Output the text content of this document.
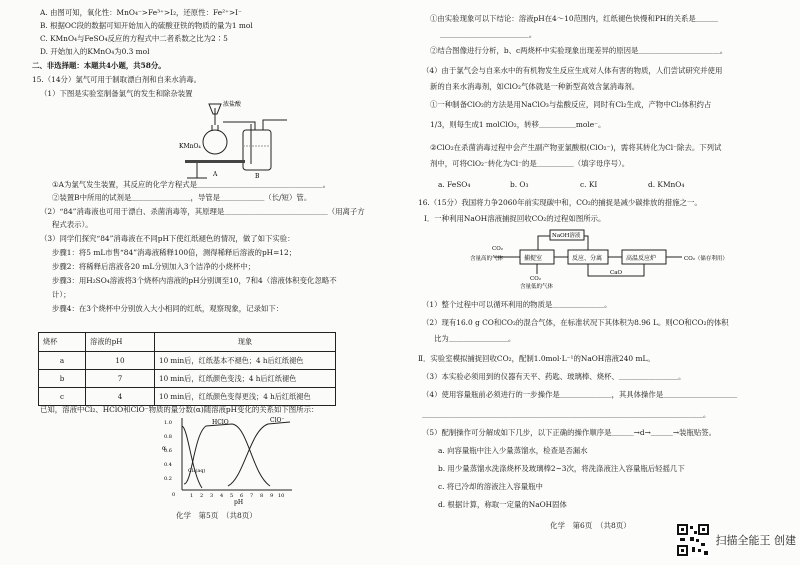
A. 由图可知，氧化性：MnO₄⁻>Fe³⁺>I₂，还原性：Fe²⁺>I⁻
B. 根据OC段的数据可知开始加入的硫酸亚铁的物质的量为1 mol
C. KMnO₄与FeSO₄反应的方程式中二者系数之比为2∶5
D. 开始加入的KMnO₄为0.3 mol
二、非选择题：本题共4小题，共58分。
15.（14分）氯气可用于制取漂白剂和自来水消毒。
（1）下图是实验室制备氯气的发生和除杂装置
浓盐酸
KMnO₄
A	B
①A为氯气发生装置，其反应的化学方程式是＿＿＿＿＿＿＿＿＿＿＿＿＿＿＿＿＿。
②装置B中所用的试剂是＿＿＿＿＿＿＿＿，导管是＿＿＿＿＿＿（长/短）管。
（2）“84”消毒液也可用于漂白、杀菌消毒等，其原理是＿＿＿＿＿＿＿＿＿＿＿＿＿＿（用离子方
程式表示）。
（3）同学们探究“84”消毒液在不同pH下使红纸褪色的情况，做了如下实验：
步骤1：将5 mL市售“84”消毒液稀释100倍，测得稀释后溶液的pH=12；
步骤2：将稀释后溶液各20 mL分别加入3个洁净的小烧杯中；
步骤3：用H₂SO₄溶液将3个烧杯内溶液的pH分别调至10，7和4（溶液体积变化忽略不
计）；
步骤4：在3个烧杯中分别放入大小相同的红纸，观察现象，记录如下：
烧杯	溶液的pH	现象
a	10	10 min后，红纸基本不褪色；4 h后红纸褪色
b	7	10 min后，红纸颜色变浅；4 h后红纸褪色
c	4	10 min后，红纸颜色变得更浅；4 h后红纸褪色
已知，溶液中Cl₂、HClO和ClO⁻物质的量分数(α)随溶液pH变化的关系如下图所示：
α
1.0
0.8
0.6
0.4
0.2
0	1 2 3 4 5 6 7 8 9 10
pH
HClO	ClO⁻
Cl₂(aq)
化学　第5页　（共8页）
①由实验现象可以下结论：溶液pH在4～10范围内，红纸褪色快慢和PH的关系是＿＿＿
＿＿＿＿＿＿＿＿＿＿＿＿。
②结合图像进行分析，b、c两烧杯中实验现象出现差异的原因是＿＿＿＿＿＿＿＿＿＿＿。
（4）由于氯气会与自来水中的有机物发生反应生成对人体有害的物质，人们尝试研究并使用
新的自来水消毒剂，如ClO₂气体就是一种新型高效含氯消毒剂。
①一种制备ClO₂的方法是用NaClO₃与盐酸反应，同时有Cl₂生成，产物中Cl₂体积约占
1/3，则每生成1 molClO₂，转移＿＿＿＿＿mole⁻。
②ClO₂在杀菌消毒过程中会产生副产物亚氯酸根(ClO₂⁻)，需将其转化为Cl⁻除去。下列试
剂中，可将ClO₂⁻转化为Cl⁻的是＿＿＿＿＿（填字母序号）。
a. FeSO₄	b. O₃	c. KI	d. KMnO₄
16.（15分）我国将力争2060年前实现碳中和，CO₂的捕捉是减少碳排放的措施之一。
Ⅰ．一种利用NaOH溶液捕捉回收CO₂的过程如图所示。
捕捉室	反应、分离	高温反应炉
NaOH溶液
CaO
CO₂
含量高的气体	CO₂（储存利用）
CO₂
含量低的气体
（1）整个过程中可以循环利用的物质是＿＿＿＿＿＿＿。
（2）现有16.0 g CO和CO₂的混合气体，在标准状况下其体积为8.96 L。则CO和CO₂的体积
比为＿＿＿＿＿＿＿＿。
Ⅱ．实验室模拟捕捉回收CO₂，配制1.0mol·L⁻¹的NaOH溶液240 mL。
（3）本实验必须用到的仪器有天平、药匙、玻璃棒、烧杯、＿＿＿＿＿＿＿＿。
（4）使用容量瓶前必须进行的一步操作是＿＿＿＿＿＿＿，其具体操作是＿＿＿＿＿＿＿＿＿＿
＿＿＿＿＿＿＿＿＿＿＿＿＿＿＿＿＿＿＿＿＿＿＿＿＿＿＿＿＿＿＿＿＿＿＿＿＿＿。
（5）配制操作可分解成如下几步，以下正确的操作顺序是＿＿＿→d→＿＿＿→装瓶贴签。
a. 向容量瓶中注入少量蒸馏水，检查是否漏水
b. 用少量蒸馏水洗涤烧杯及玻璃棒2~3次，将洗涤液注入容量瓶后轻摇几下
c. 将已冷却的溶液注入容量瓶中
d. 根据计算，称取一定量的NaOH固体
化学　第6页　（共8页）
扫描全能王 创建
